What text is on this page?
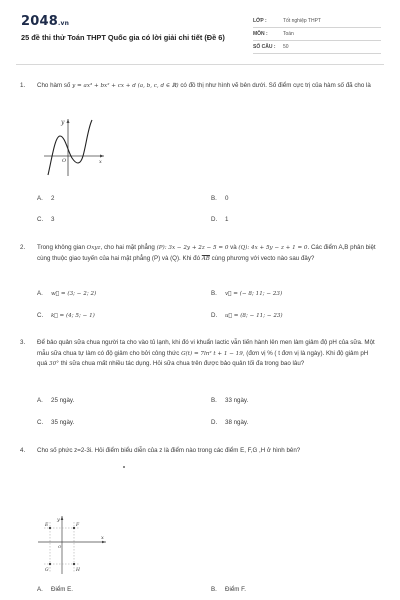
2048.vn
25 đề thi thử Toán THPT Quốc gia có lời giải chi tiết (Đề 6)
LỚP :	Tốt nghiệp THPT
MÔN :	Toán
SỐ CÂU :	50
1.	Cho hàm số y = ax³ + bx² + cx + d (a, b, c, d ∈ ℝ) có đồ thị như hình vẽ bên dưới. Số điểm cực trị của hàm số đã cho là
y
O	x
A. 2	B. 0
C. 3	D. 1
2.	Trong không gian Oxyz, cho hai mặt phẳng (P): 3x − 2y + 2z − 5 = 0 và (Q): 4x + 5y − z + 1 = 0. Các điểm A,B phân biệt cùng thuộc giao tuyến của hai mặt phẳng (P) và (Q). Khi đó $\overline{AB}$ cùng phương với vecto nào sau đây?
A. w⃗ = (3; − 2; 2)	B. v⃗ = (− 8; 11; − 23)
C. k⃗ = (4; 5; − 1)	D. u⃗ = (8; − 11; − 23)
3.	Để bảo quản sữa chua người ta cho vào tủ lạnh, khi đó vi khuẩn lactic vẫn tiến hành lên men làm giảm độ pH của sữa. Một mẫu sữa chua tự làm có độ giảm cho bởi công thức G(t) = 7ln² t + 1 − 19, (đơn vị % ( t đơn vị là ngày). Khi độ giảm pH quá 30° thì sữa chua mất nhiều tác dụng. Hỏi sữa chua trên được bảo quản tối đa trong bao lâu?
A. 25 ngày.	B. 33 ngày.
C. 35 ngày.	D. 38 ngày.
4.	Cho số phức z=2-3i. Hỏi điểm biểu diễn của z là điểm nào trong các điểm E, F,G ,H ở hình bên?
y
x
O
E	F
G	H
A. Điểm E.	B. Điểm F.
